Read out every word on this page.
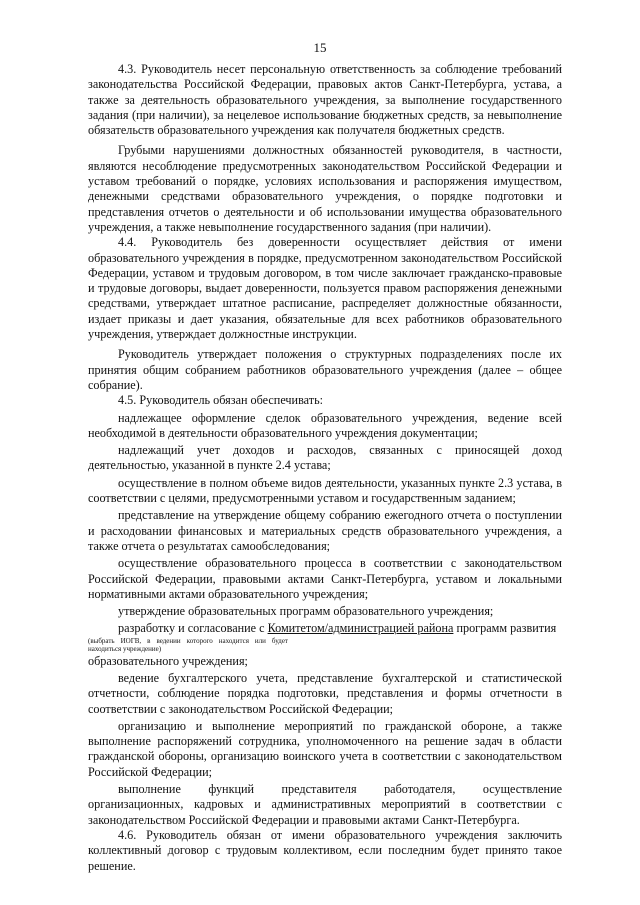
15

4.3. Руководитель несет персональную ответственность за соблюдение требований законодательства Российской Федерации, правовых актов Санкт-Петербурга, устава, а также за деятельность образовательного учреждения, за выполнение государственного задания (при наличии), за нецелевое использование бюджетных средств, за невыполнение обязательств образовательного учреждения как получателя бюджетных средств.

Грубыми нарушениями должностных обязанностей руководителя, в частности, являются несоблюдение предусмотренных законодательством Российской Федерации и уставом требований о порядке, условиях использования и распоряжения имуществом, денежными средствами образовательного учреждения, о порядке подготовки и представления отчетов о деятельности и об использовании имущества образовательного учреждения, а также невыполнение государственного задания (при наличии).

4.4. Руководитель без доверенности осуществляет действия от имени образовательного учреждения в порядке, предусмотренном законодательством Российской Федерации, уставом и трудовым договором, в том числе заключает гражданско-правовые и трудовые договоры, выдает доверенности, пользуется правом распоряжения денежными средствами, утверждает штатное расписание, распределяет должностные обязанности, издает приказы и дает указания, обязательные для всех работников образовательного учреждения, утверждает должностные инструкции.

Руководитель утверждает положения о структурных подразделениях после их принятия общим собранием работников образовательного учреждения (далее – общее собрание).

4.5. Руководитель обязан обеспечивать:

надлежащее оформление сделок образовательного учреждения, ведение всей необходимой в деятельности образовательного учреждения документации;

надлежащий учет доходов и расходов, связанных с приносящей доход деятельностью, указанной в пункте 2.4 устава;

осуществление в полном объеме видов деятельности, указанных пункте 2.3 устава, в соответствии с целями, предусмотренными уставом и государственным заданием;

представление на утверждение общему собранию ежегодного отчета о поступлении и расходовании финансовых и материальных средств образовательного учреждения, а также отчета о результатах самообследования;

осуществление образовательного процесса в соответствии с законодательством Российской Федерации, правовыми актами Санкт-Петербурга, уставом и локальными нормативными актами образовательного учреждения;

утверждение образовательных программ образовательного учреждения;

разработку и согласование с Комитетом/администрацией района программ развития

(выбрать ИОГВ, в ведении которого находится или будет находиться учреждение)

образовательного учреждения;

ведение бухгалтерского учета, представление бухгалтерской и статистической отчетности, соблюдение порядка подготовки, представления и формы отчетности в соответствии с законодательством Российской Федерации;

организацию и выполнение мероприятий по гражданской обороне, а также выполнение распоряжений сотрудника, уполномоченного на решение задач в области гражданской обороны, организацию воинского учета в соответствии с законодательством Российской Федерации;

выполнение функций представителя работодателя, осуществление организационных, кадровых и административных мероприятий в соответствии с законодательством Российской Федерации и правовыми актами Санкт-Петербурга.

4.6. Руководитель обязан от имени образовательного учреждения заключить коллективный договор с трудовым коллективом, если последним будет принято такое решение.
